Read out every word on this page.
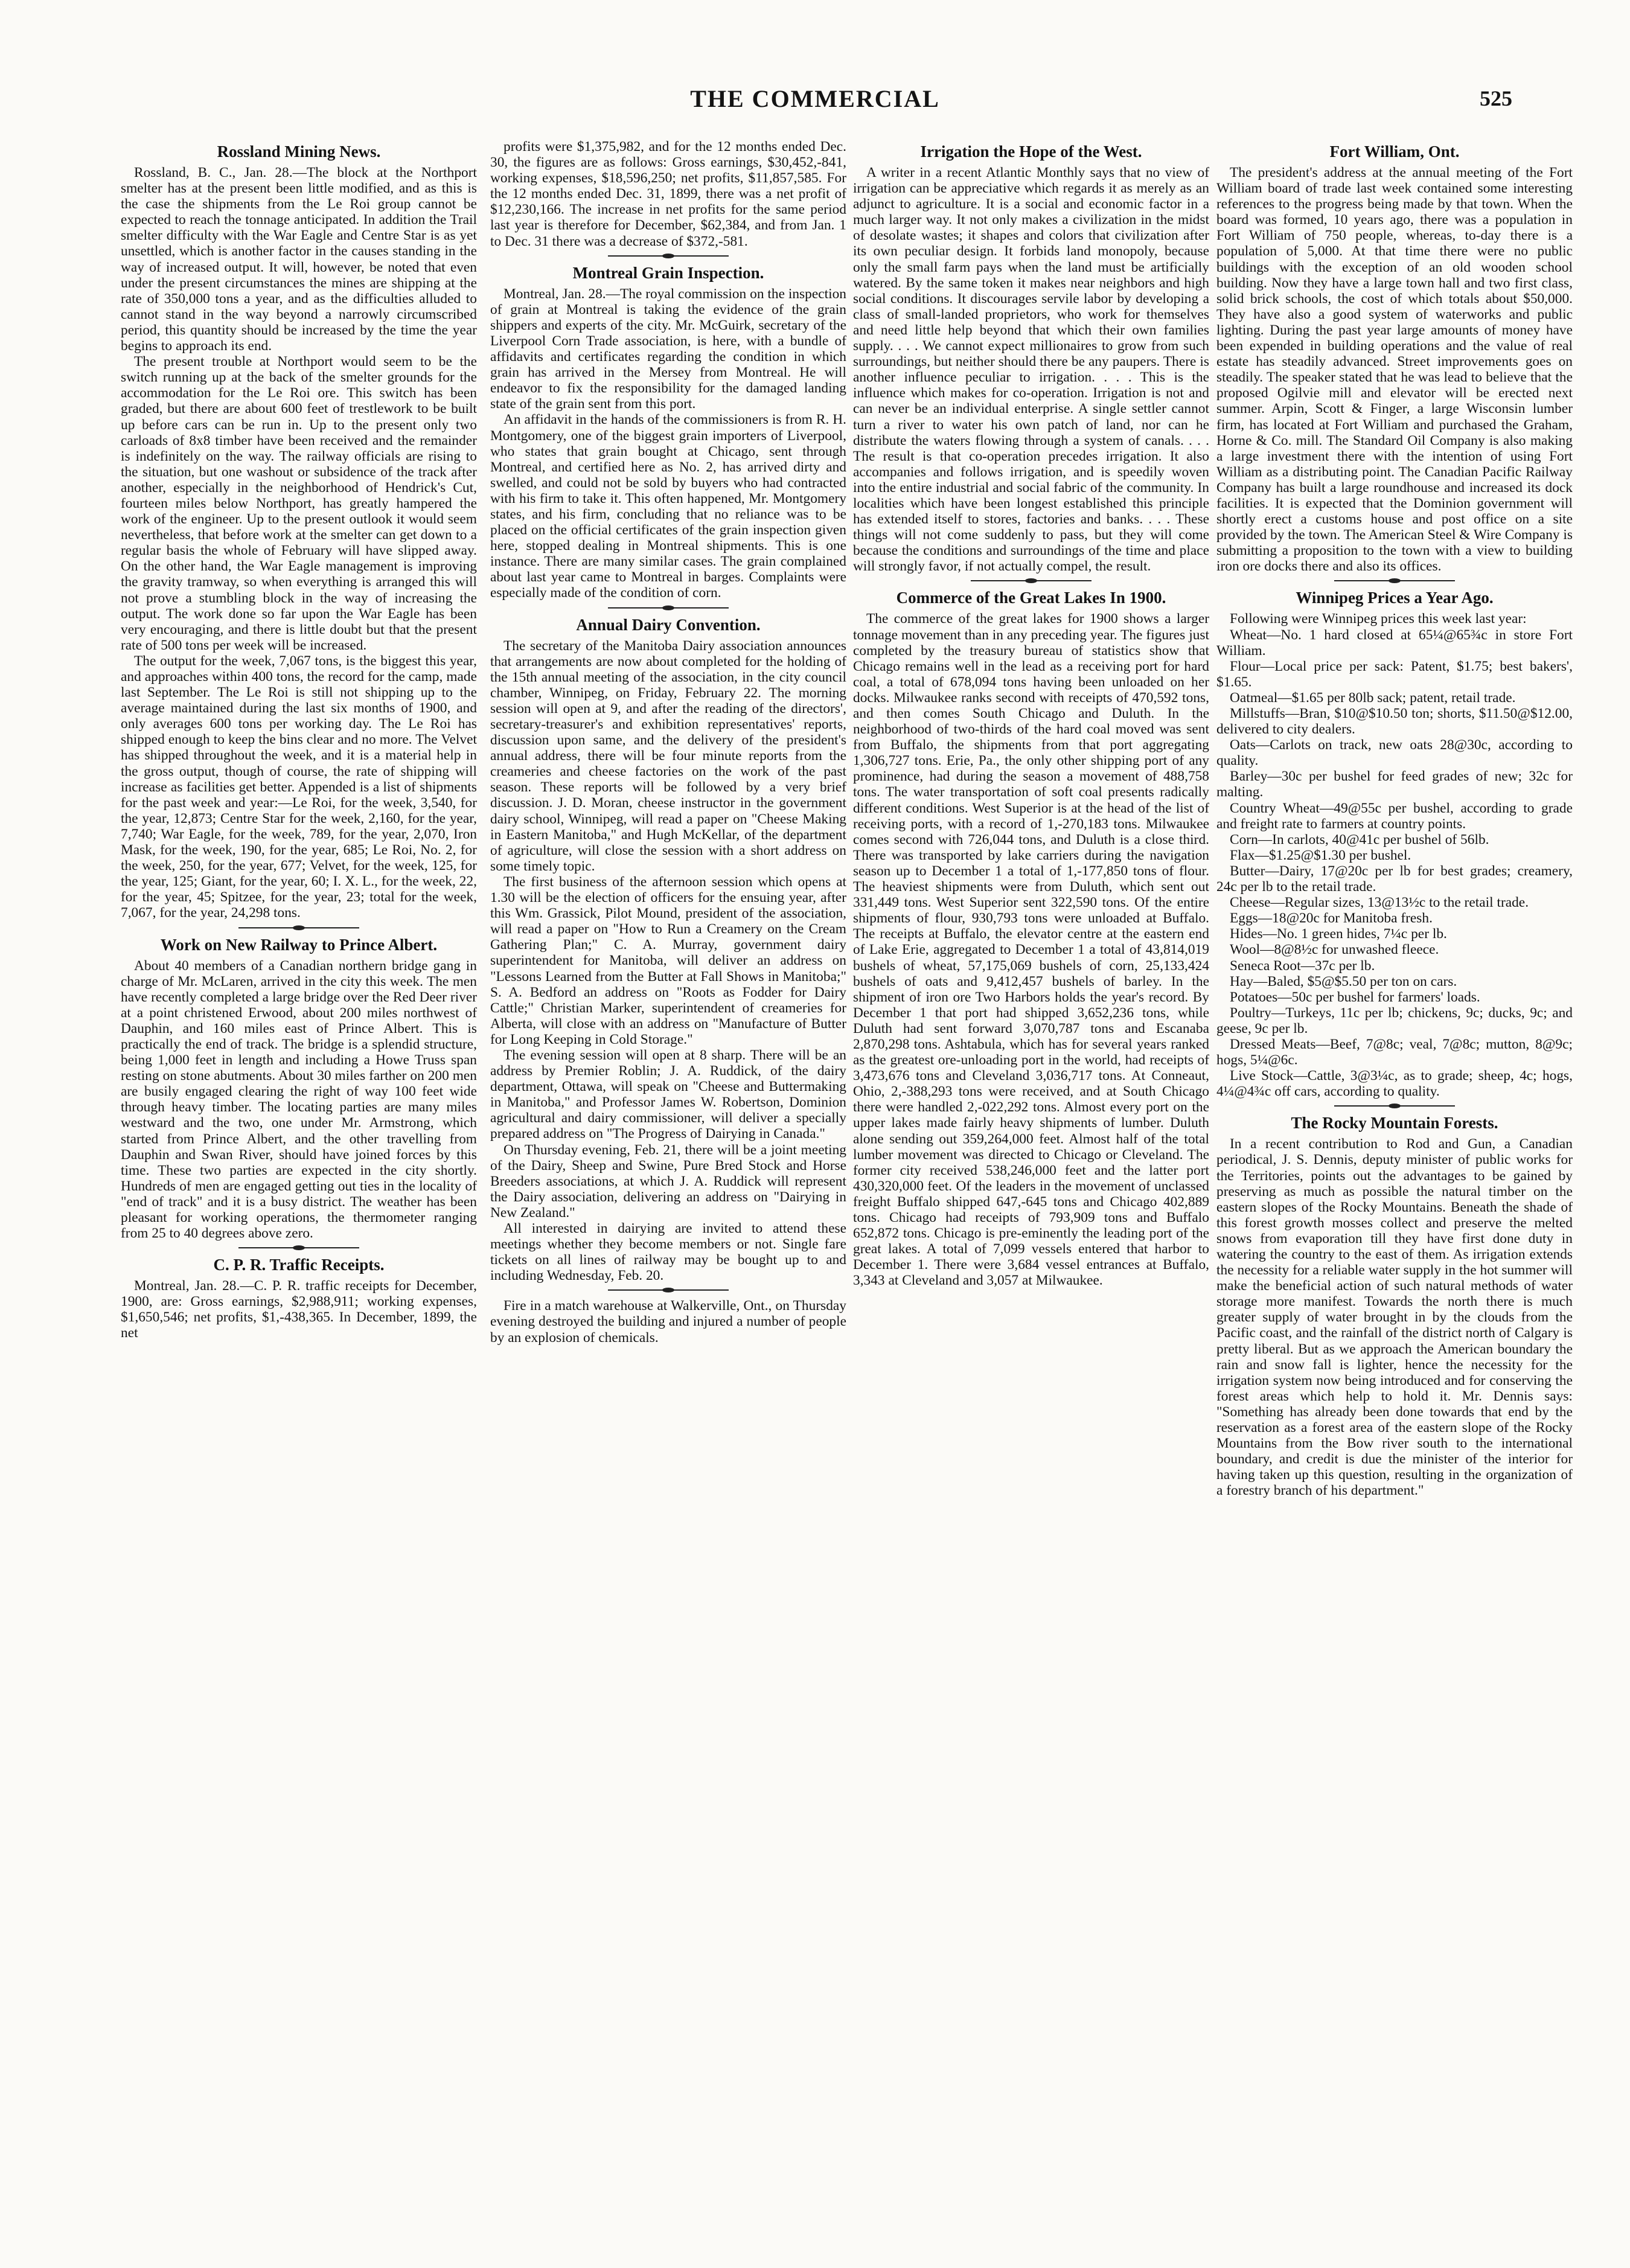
THE COMMERCIAL	525
Rossland Mining News.

Rossland, B. C., Jan. 28.—The block at the Northport smelter has at the present been little modified, and as this is the case the shipments from the Le Roi group cannot be expected to reach the tonnage anticipated. In addition the Trail smelter difficulty with the War Eagle and Centre Star is as yet unsettled, which is another factor in the causes standing in the way of increased output. It will, however, be noted that even under the present circumstances the mines are shipping at the rate of 350,000 tons a year, and as the difficulties alluded to cannot stand in the way beyond a narrowly circumscribed period, this quantity should be increased by the time the year begins to approach its end.

The present trouble at Northport would seem to be the switch running up at the back of the smelter grounds for the accommodation for the Le Roi ore. This switch has been graded, but there are about 600 feet of trestlework to be built up before cars can be run in. Up to the present only two carloads of 8x8 timber have been received and the remainder is indefinitely on the way. The railway officials are rising to the situation, but one washout or subsidence of the track after another, especially in the neighborhood of Hendrick's Cut, fourteen miles below Northport, has greatly hampered the work of the engineer. Up to the present outlook it would seem nevertheless, that before work at the smelter can get down to a regular basis the whole of February will have slipped away. On the other hand, the War Eagle management is improving the gravity tramway, so when everything is arranged this will not prove a stumbling block in the way of increasing the output. The work done so far upon the War Eagle has been very encouraging, and there is little doubt but that the present rate of 500 tons per week will be increased.

The output for the week, 7,067 tons, is the biggest this year, and approaches within 400 tons, the record for the camp, made last September. The Le Roi is still not shipping up to the average maintained during the last six months of 1900, and only averages 600 tons per working day. The Le Roi has shipped enough to keep the bins clear and no more. The Velvet has shipped throughout the week, and it is a material help in the gross output, though of course, the rate of shipping will increase as facilities get better. Appended is a list of shipments for the past week and year:—Le Roi, for the week, 3,540, for the year, 12,873; Centre Star for the week, 2,160, for the year, 7,740; War Eagle, for the week, 789, for the year, 2,070, Iron Mask, for the week, 190, for the year, 685; Le Roi, No. 2, for the week, 250, for the year, 677; Velvet, for the week, 125, for the year, 125; Giant, for the year, 60; I. X. L., for the week, 22, for the year, 45; Spitzee, for the year, 23; total for the week, 7,067, for the year, 24,298 tons.

Work on New Railway to Prince Albert.

About 40 members of a Canadian northern bridge gang in charge of Mr. McLaren, arrived in the city this week. The men have recently completed a large bridge over the Red Deer river at a point christened Erwood, about 200 miles northwest of Dauphin, and 160 miles east of Prince Albert. This is practically the end of track. The bridge is a splendid structure, being 1,000 feet in length and including a Howe Truss span resting on stone abutments. About 30 miles farther on 200 men are busily engaged clearing the right of way 100 feet wide through heavy timber. The locating parties are many miles westward and the two, one under Mr. Armstrong, which started from Prince Albert, and the other travelling from Dauphin and Swan River, should have joined forces by this time. These two parties are expected in the city shortly. Hundreds of men are engaged getting out ties in the locality of "end of track" and it is a busy district. The weather has been pleasant for working operations, the thermometer ranging from 25 to 40 degrees above zero.

C. P. R. Traffic Receipts.

Montreal, Jan. 28.—C. P. R. traffic receipts for December, 1900, are: Gross earnings, $2,988,911; working expenses, $1,650,546; net profits, $1,-438,365. In December, 1899, the net

profits were $1,375,982, and for the 12 months ended Dec. 30, the figures are as follows: Gross earnings, $30,452,-841, working expenses, $18,596,250; net profits, $11,857,585. For the 12 months ended Dec. 31, 1899, there was a net profit of $12,230,166. The increase in net profits for the same period last year is therefore for December, $62,384, and from Jan. 1 to Dec. 31 there was a decrease of $372,-581.

Montreal Grain Inspection.

Montreal, Jan. 28.—The royal commission on the inspection of grain at Montreal is taking the evidence of the grain shippers and experts of the city. Mr. McGuirk, secretary of the Liverpool Corn Trade association, is here, with a bundle of affidavits and certificates regarding the condition in which grain has arrived in the Mersey from Montreal. He will endeavor to fix the responsibility for the damaged landing state of the grain sent from this port.

An affidavit in the hands of the commissioners is from R. H. Montgomery, one of the biggest grain importers of Liverpool, who states that grain bought at Chicago, sent through Montreal, and certified here as No. 2, has arrived dirty and swelled, and could not be sold by buyers who had contracted with his firm to take it. This often happened, Mr. Montgomery states, and his firm, concluding that no reliance was to be placed on the official certificates of the grain inspection given here, stopped dealing in Montreal shipments. This is one instance. There are many similar cases. The grain complained about last year came to Montreal in barges. Complaints were especially made of the condition of corn.

Annual Dairy Convention.

The secretary of the Manitoba Dairy association announces that arrangements are now about completed for the holding of the 15th annual meeting of the association, in the city council chamber, Winnipeg, on Friday, February 22. The morning session will open at 9, and after the reading of the directors', secretary-treasurer's and exhibition representatives' reports, discussion upon same, and the delivery of the president's annual address, there will be four minute reports from the creameries and cheese factories on the work of the past season. These reports will be followed by a very brief discussion. J. D. Moran, cheese instructor in the government dairy school, Winnipeg, will read a paper on "Cheese Making in Eastern Manitoba," and Hugh McKellar, of the department of agriculture, will close the session with a short address on some timely topic.

The first business of the afternoon session which opens at 1.30 will be the election of officers for the ensuing year, after this Wm. Grassick, Pilot Mound, president of the association, will read a paper on "How to Run a Creamery on the Cream Gathering Plan;" C. A. Murray, government dairy superintendent for Manitoba, will deliver an address on "Lessons Learned from the Butter at Fall Shows in Manitoba;" S. A. Bedford an address on "Roots as Fodder for Dairy Cattle;" Christian Marker, superintendent of creameries for Alberta, will close with an address on "Manufacture of Butter for Long Keeping in Cold Storage."

The evening session will open at 8 sharp. There will be an address by Premier Roblin; J. A. Ruddick, of the dairy department, Ottawa, will speak on "Cheese and Buttermaking in Manitoba," and Professor James W. Robertson, Dominion agricultural and dairy commissioner, will deliver a specially prepared address on "The Progress of Dairying in Canada."

On Thursday evening, Feb. 21, there will be a joint meeting of the Dairy, Sheep and Swine, Pure Bred Stock and Horse Breeders associations, at which J. A. Ruddick will represent the Dairy association, delivering an address on "Dairying in New Zealand."

All interested in dairying are invited to attend these meetings whether they become members or not. Single fare tickets on all lines of railway may be bought up to and including Wednesday, Feb. 20.

Fire in a match warehouse at Walkerville, Ont., on Thursday evening destroyed the building and injured a number of people by an explosion of chemicals.

Irrigation the Hope of the West.

A writer in a recent Atlantic Monthly says that no view of irrigation can be appreciative which regards it as merely as an adjunct to agriculture. It is a social and economic factor in a much larger way. It not only makes a civilization in the midst of desolate wastes; it shapes and colors that civilization after its own peculiar design. It forbids land monopoly, because only the small farm pays when the land must be artificially watered. By the same token it makes near neighbors and high social conditions. It discourages servile labor by developing a class of small-landed proprietors, who work for themselves and need little help beyond that which their own families supply. . . . We cannot expect millionaires to grow from such surroundings, but neither should there be any paupers. There is another influence peculiar to irrigation. . . . This is the influence which makes for co-operation. Irrigation is not and can never be an individual enterprise. A single settler cannot turn a river to water his own patch of land, nor can he distribute the waters flowing through a system of canals. . . . The result is that co-operation precedes irrigation. It also accompanies and follows irrigation, and is speedily woven into the entire industrial and social fabric of the community. In localities which have been longest established this principle has extended itself to stores, factories and banks. . . . These things will not come suddenly to pass, but they will come because the conditions and surroundings of the time and place will strongly favor, if not actually compel, the result.

Commerce of the Great Lakes In 1900.

The commerce of the great lakes for 1900 shows a larger tonnage movement than in any preceding year. The figures just completed by the treasury bureau of statistics show that Chicago remains well in the lead as a receiving port for hard coal, a total of 678,094 tons having been unloaded on her docks. Milwaukee ranks second with receipts of 470,592 tons, and then comes South Chicago and Duluth. In the neighborhood of two-thirds of the hard coal moved was sent from Buffalo, the shipments from that port aggregating 1,306,727 tons. Erie, Pa., the only other shipping port of any prominence, had during the season a movement of 488,758 tons. The water transportation of soft coal presents radically different conditions. West Superior is at the head of the list of receiving ports, with a record of 1,-270,183 tons. Milwaukee comes second with 726,044 tons, and Duluth is a close third. There was transported by lake carriers during the navigation season up to December 1 a total of 1,-177,850 tons of flour. The heaviest shipments were from Duluth, which sent out 331,449 tons. West Superior sent 322,590 tons. Of the entire shipments of flour, 930,793 tons were unloaded at Buffalo. The receipts at Buffalo, the elevator centre at the eastern end of Lake Erie, aggregated to December 1 a total of 43,814,019 bushels of wheat, 57,175,069 bushels of corn, 25,133,424 bushels of oats and 9,412,457 bushels of barley. In the shipment of iron ore Two Harbors holds the year's record. By December 1 that port had shipped 3,652,236 tons, while Duluth had sent forward 3,070,787 tons and Escanaba 2,870,298 tons. Ashtabula, which has for several years ranked as the greatest ore-unloading port in the world, had receipts of 3,473,676 tons and Cleveland 3,036,717 tons. At Conneaut, Ohio, 2,-388,293 tons were received, and at South Chicago there were handled 2,-022,292 tons. Almost every port on the upper lakes made fairly heavy shipments of lumber. Duluth alone sending out 359,264,000 feet. Almost half of the total lumber movement was directed to Chicago or Cleveland. The former city received 538,246,000 feet and the latter port 430,320,000 feet. Of the leaders in the movement of unclassed freight Buffalo shipped 647,-645 tons and Chicago 402,889 tons. Chicago had receipts of 793,909 tons and Buffalo 652,872 tons. Chicago is pre-eminently the leading port of the great lakes. A total of 7,099 vessels entered that harbor to December 1. There were 3,684 vessel entrances at Buffalo, 3,343 at Cleveland and 3,057 at Milwaukee.

Fort William, Ont.

The president's address at the annual meeting of the Fort William board of trade last week contained some interesting references to the progress being made by that town. When the board was formed, 10 years ago, there was a population in Fort William of 750 people, whereas, to-day there is a population of 5,000. At that time there were no public buildings with the exception of an old wooden school building. Now they have a large town hall and two first class, solid brick schools, the cost of which totals about $50,000. They have also a good system of waterworks and public lighting. During the past year large amounts of money have been expended in building operations and the value of real estate has steadily advanced. Street improvements goes on steadily. The speaker stated that he was lead to believe that the proposed Ogilvie mill and elevator will be erected next summer. Arpin, Scott & Finger, a large Wisconsin lumber firm, has located at Fort William and purchased the Graham, Horne & Co. mill. The Standard Oil Company is also making a large investment there with the intention of using Fort William as a distributing point. The Canadian Pacific Railway Company has built a large roundhouse and increased its dock facilities. It is expected that the Dominion government will shortly erect a customs house and post office on a site provided by the town. The American Steel & Wire Company is submitting a proposition to the town with a view to building iron ore docks there and also its offices.

Winnipeg Prices a Year Ago.

Following were Winnipeg prices this week last year:

Wheat—No. 1 hard closed at 65¼@65¾c in store Fort William.

Flour—Local price per sack: Patent, $1.75; best bakers', $1.65.

Oatmeal—$1.65 per 80lb sack; patent, retail trade.

Millstuffs—Bran, $10@$10.50 ton; shorts, $11.50@$12.00, delivered to city dealers.

Oats—Carlots on track, new oats 28@30c, according to quality.

Barley—30c per bushel for feed grades of new; 32c for malting.

Country Wheat—49@55c per bushel, according to grade and freight rate to farmers at country points.

Corn—In carlots, 40@41c per bushel of 56lb.

Flax—$1.25@$1.30 per bushel.

Butter—Dairy, 17@20c per lb for best grades; creamery, 24c per lb to the retail trade.

Cheese—Regular sizes, 13@13½c to the retail trade.

Eggs—18@20c for Manitoba fresh.

Hides—No. 1 green hides, 7¼c per lb.

Wool—8@8½c for unwashed fleece.

Seneca Root—37c per lb.

Hay—Baled, $5@$5.50 per ton on cars.

Potatoes—50c per bushel for farmers' loads.

Poultry—Turkeys, 11c per lb; chickens, 9c; ducks, 9c; and geese, 9c per lb.

Dressed Meats—Beef, 7@8c; veal, 7@8c; mutton, 8@9c; hogs, 5¼@6c.

Live Stock—Cattle, 3@3¼c, as to grade; sheep, 4c; hogs, 4¼@4¾c off cars, according to quality.

The Rocky Mountain Forests.

In a recent contribution to Rod and Gun, a Canadian periodical, J. S. Dennis, deputy minister of public works for the Territories, points out the advantages to be gained by preserving as much as possible the natural timber on the eastern slopes of the Rocky Mountains. Beneath the shade of this forest growth mosses collect and preserve the melted snows from evaporation till they have first done duty in watering the country to the east of them. As irrigation extends the necessity for a reliable water supply in the hot summer will make the beneficial action of such natural methods of water storage more manifest. Towards the north there is much greater supply of water brought in by the clouds from the Pacific coast, and the rainfall of the district north of Calgary is pretty liberal. But as we approach the American boundary the rain and snow fall is lighter, hence the necessity for the irrigation system now being introduced and for conserving the forest areas which help to hold it. Mr. Dennis says: "Something has already been done towards that end by the reservation as a forest area of the eastern slope of the Rocky Mountains from the Bow river south to the international boundary, and credit is due the minister of the interior for having taken up this question, resulting in the organization of a forestry branch of his department."
